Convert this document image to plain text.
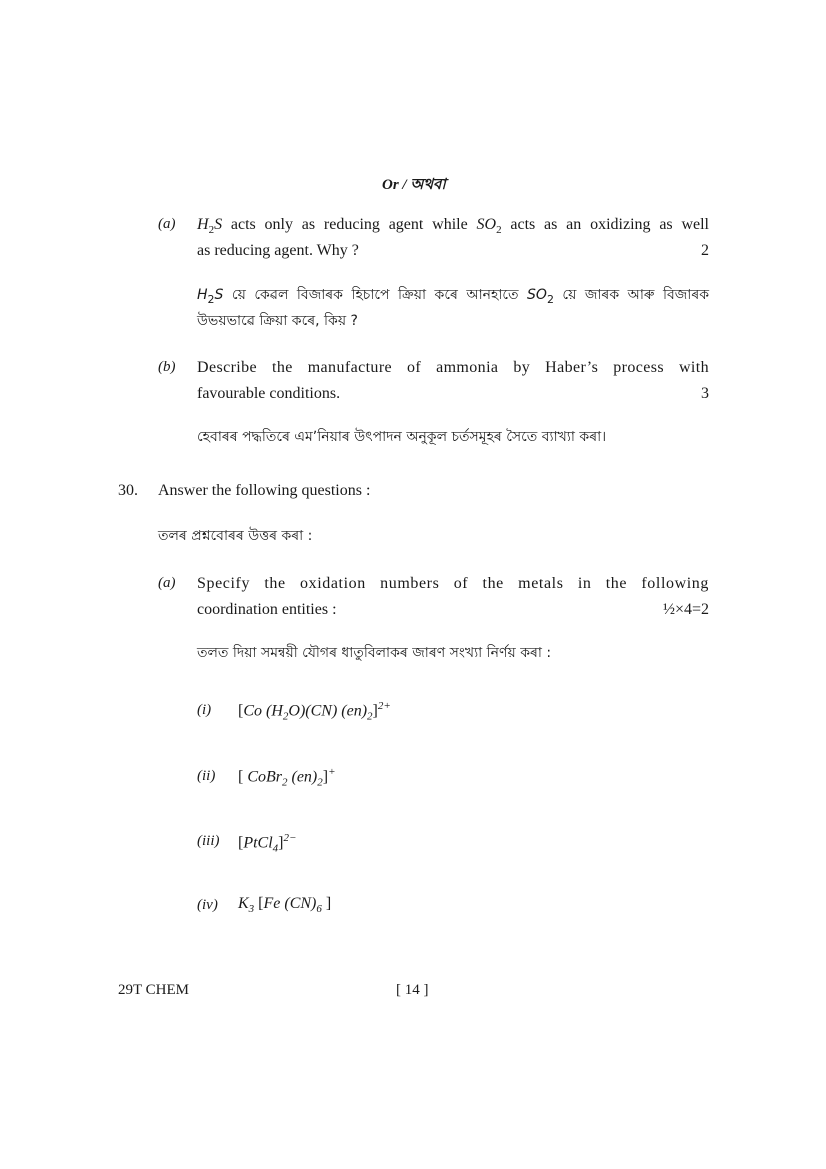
Or / অথবা
(a) $H_2S$ acts only as reducing agent while $SO_2$ acts as an oxidizing as well
as reducing agent. Why ?	2
$H_2S$ য়ে কেৱল বিজাৰক হিচাপে ক্ৰিয়া কৰে আনহাতে $SO_2$ য়ে জাৰক আৰু বিজাৰক
উভয়ভাৱে ক্ৰিয়া কৰে, কিয় ?
(b) Describe the manufacture of ammonia by Haber’s process with
favourable conditions.	3
হেবাৰৰ পদ্ধতিৰে এমʼনিয়াৰ উৎপাদন অনুকূল চৰ্তসমূহৰ সৈতে ব্যাখ্যা কৰা।
30. Answer the following questions :
তলৰ প্ৰশ্নবোৰৰ উত্তৰ কৰা :
(a) Specify the oxidation numbers of the metals in the following
coordination entities :	½×4=2
তলত দিয়া সমন্বয়ী যৌগৰ ধাতুবিলাকৰ জাৰণ সংখ্যা নিৰ্ণয় কৰা :
(i) [Co $(H_2O)(CN)$ $(en)_2]^{2+}$
(ii) [ CoBr$_2$ $(en)_2]^+$
(iii) [PtCl$_4$]$^{2-}$
(iv) $K_3$ [Fe $(CN)_6$ ]
29T CHEM	[ 14 ]
